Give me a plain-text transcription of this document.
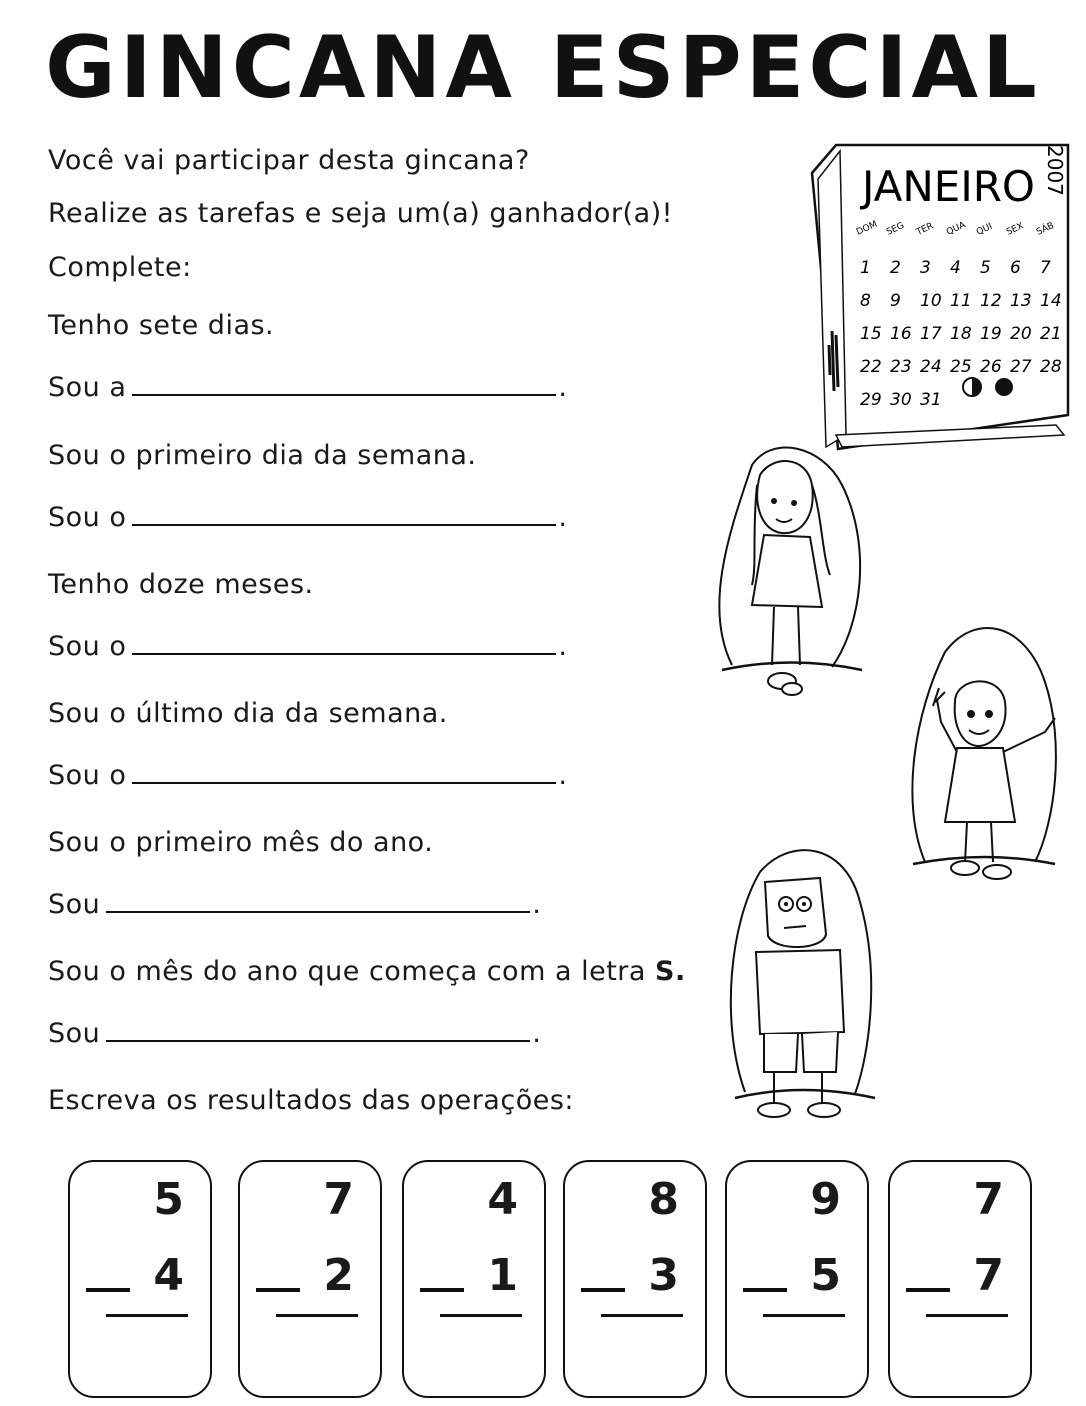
GINCANA ESPECIAL
Você vai participar desta gincana?
Realize as tarefas e seja um(a) ganhador(a)!
Complete:
Tenho sete dias.
Sou a	.
Sou o primeiro dia da semana.
Sou o	.
Tenho doze meses.
Sou o	.
Sou o último dia da semana.
Sou o	.
Sou o primeiro mês do ano.
Sou	.
Sou o mês do ano que começa com a letra S.
Sou	.
Escreva os resultados das operações:
JANEIRO 2007
DOM SEG TER QUA QUI SEX SÁB
1 2 3 4 5 6 7
8 9 10 11 12 13 14
15 16 17 18 19 20 21
22 23 24 25 26 27 28
29 30 31
5
4
7
2
4
1
8
3
9
5
7
7
